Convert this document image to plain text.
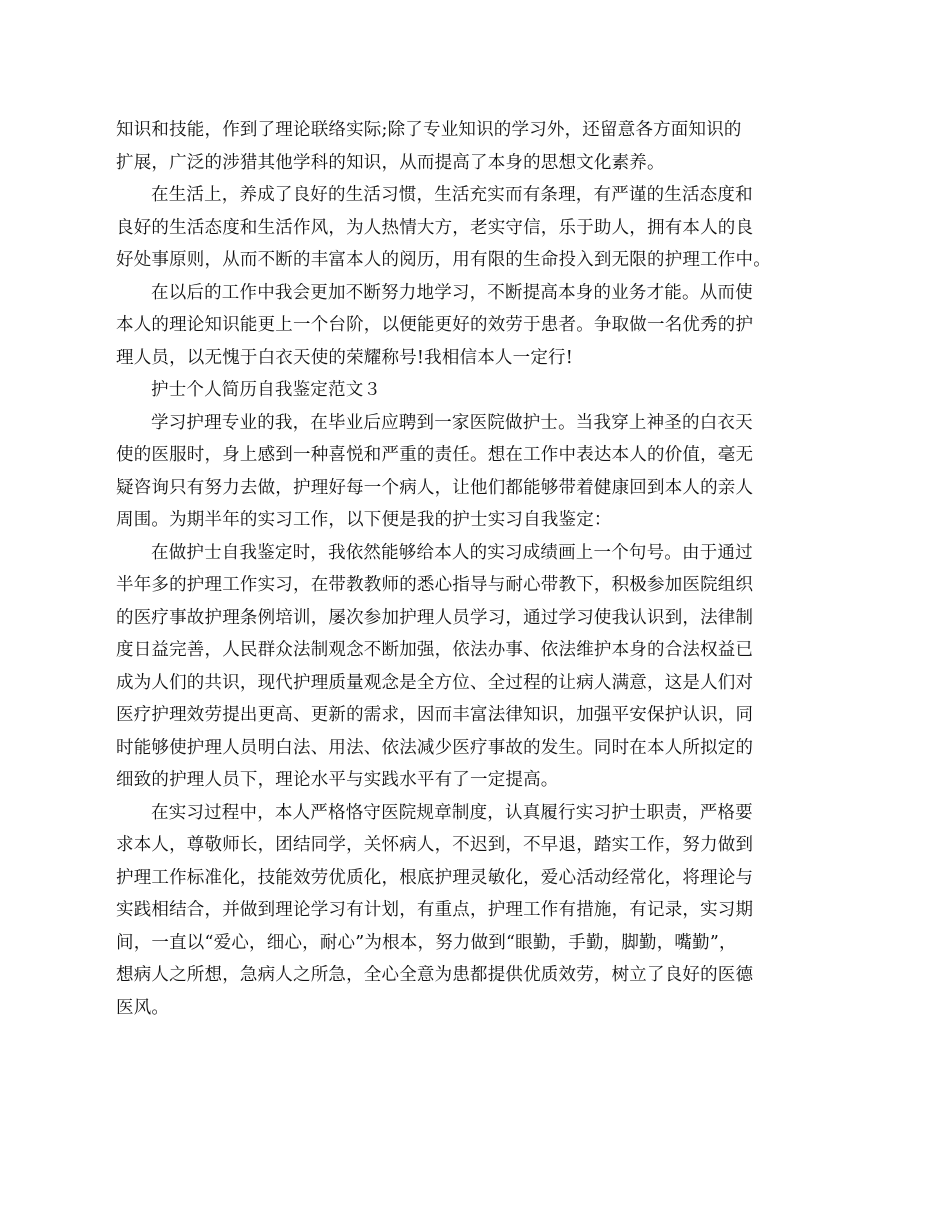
知识和技能，作到了理论联络实际;除了专业知识的学习外，还留意各方面知识的
扩展，广泛的涉猎其他学科的知识，从而提高了本身的思想文化素养。
在生活上，养成了良好的生活习惯，生活充实而有条理，有严谨的生活态度和
良好的生活态度和生活作风，为人热情大方，老实守信，乐于助人，拥有本人的良
好处事原则，从而不断的丰富本人的阅历，用有限的生命投入到无限的护理工作中。
在以后的工作中我会更加不断努力地学习，不断提高本身的业务才能。从而使
本人的理论知识能更上一个台阶，以便能更好的效劳于患者。争取做一名优秀的护
理人员，以无愧于白衣天使的荣耀称号!我相信本人一定行!
护士个人简历自我鉴定范文３
学习护理专业的我，在毕业后应聘到一家医院做护士。当我穿上神圣的白衣天
使的医服时，身上感到一种喜悦和严重的责任。想在工作中表达本人的价值，毫无
疑咨询只有努力去做，护理好每一个病人，让他们都能够带着健康回到本人的亲人
周围。为期半年的实习工作，以下便是我的护士实习自我鉴定：
在做护士自我鉴定时，我依然能够给本人的实习成绩画上一个句号。由于通过
半年多的护理工作实习，在带教教师的悉心指导与耐心带教下，积极参加医院组织
的医疗事故护理条例培训，屡次参加护理人员学习，通过学习使我认识到，法律制
度日益完善，人民群众法制观念不断加强，依法办事、依法维护本身的合法权益已
成为人们的共识，现代护理质量观念是全方位、全过程的让病人满意，这是人们对
医疗护理效劳提出更高、更新的需求，因而丰富法律知识，加强平安保护认识，同
时能够使护理人员明白法、用法、依法减少医疗事故的发生。同时在本人所拟定的
细致的护理人员下，理论水平与实践水平有了一定提高。
在实习过程中，本人严格恪守医院规章制度，认真履行实习护士职责，严格要
求本人，尊敬师长，团结同学，关怀病人，不迟到，不早退，踏实工作，努力做到
护理工作标准化，技能效劳优质化，根底护理灵敏化，爱心活动经常化，将理论与
实践相结合，并做到理论学习有计划，有重点，护理工作有措施，有记录，实习期
间，一直以“爱心，细心，耐心”为根本，努力做到“眼勤，手勤，脚勤，嘴勤”，
想病人之所想，急病人之所急，全心全意为患都提供优质效劳，树立了良好的医德
医风。
